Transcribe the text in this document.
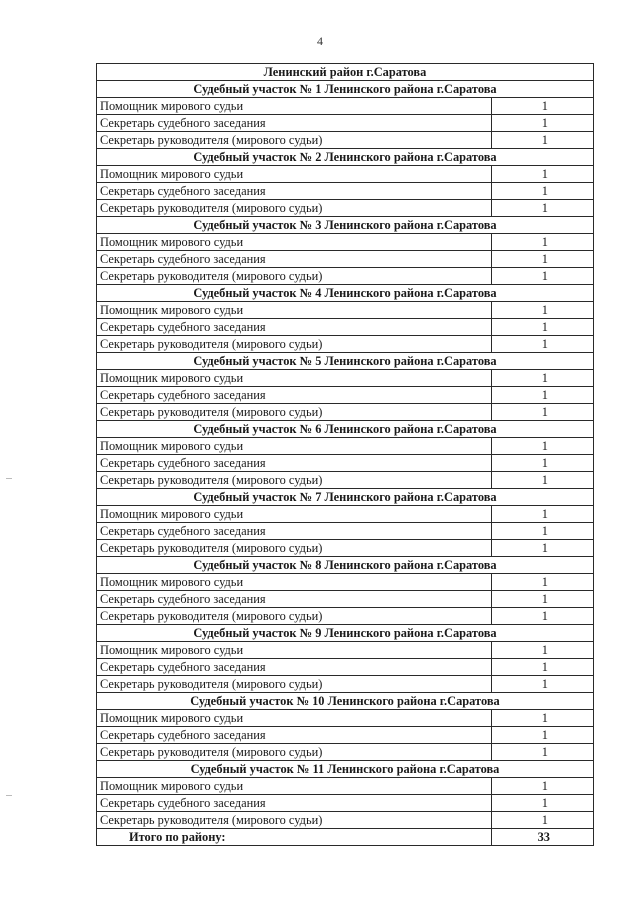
4
Ленинский район г.Саратова	
Судебный участок № 1 Ленинского района г.Саратова	
Помощник мирового судьи	1
Секретарь судебного заседания	1
Секретарь руководителя (мирового судьи)	1
Судебный участок № 2 Ленинского района г.Саратова	
Помощник мирового судьи	1
Секретарь судебного заседания	1
Секретарь руководителя (мирового судьи)	1
Судебный участок № 3 Ленинского района г.Саратова	
Помощник мирового судьи	1
Секретарь судебного заседания	1
Секретарь руководителя (мирового судьи)	1
Судебный участок № 4 Ленинского района г.Саратова	
Помощник мирового судьи	1
Секретарь судебного заседания	1
Секретарь руководителя (мирового судьи)	1
Судебный участок № 5 Ленинского района г.Саратова	
Помощник мирового судьи	1
Секретарь судебного заседания	1
Секретарь руководителя (мирового судьи)	1
Судебный участок № 6 Ленинского района г.Саратова	
Помощник мирового судьи	1
Секретарь судебного заседания	1
Секретарь руководителя (мирового судьи)	1
Судебный участок № 7 Ленинского района г.Саратова	
Помощник мирового судьи	1
Секретарь судебного заседания	1
Секретарь руководителя (мирового судьи)	1
Судебный участок № 8 Ленинского района г.Саратова	
Помощник мирового судьи	1
Секретарь судебного заседания	1
Секретарь руководителя (мирового судьи)	1
Судебный участок № 9 Ленинского района г.Саратова	
Помощник мирового судьи	1
Секретарь судебного заседания	1
Секретарь руководителя (мирового судьи)	1
Судебный участок № 10 Ленинского района г.Саратова	
Помощник мирового судьи	1
Секретарь судебного заседания	1
Секретарь руководителя (мирового судьи)	1
Судебный участок № 11 Ленинского района г.Саратова	
Помощник мирового судьи	1
Секретарь судебного заседания	1
Секретарь руководителя (мирового судьи)	1
Итого по району:	33
